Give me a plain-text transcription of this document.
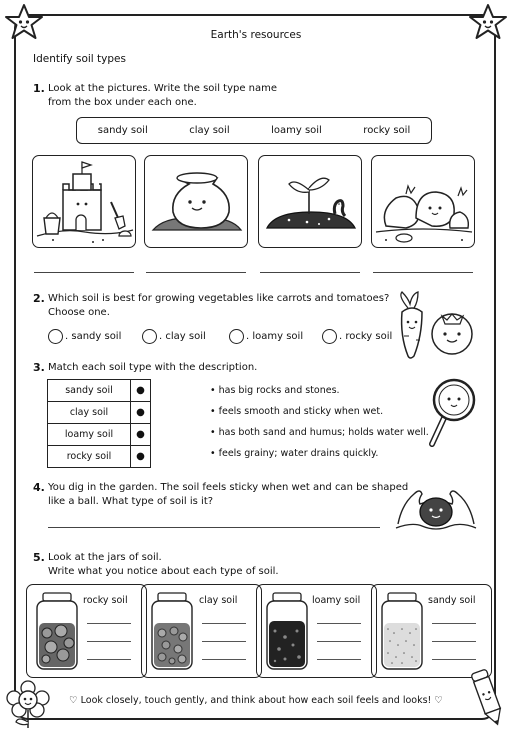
Earth's resources
Identify soil types
1. Look at the pictures. Write the soil type name
from the box under each one.
sandy soil	clay soil	loamy soil	rocky soil
2. Which soil is best for growing vegetables like carrots and tomatoes?
Choose one.
. sandy soil	. clay soil	. loamy soil	. rocky soil
3. Match each soil type with the description.
sandy soil	●
clay soil	●
loamy soil	●
rocky soil	●
• has big rocks and stones.
• feels smooth and sticky when wet.
• has both sand and humus; holds water well.
• feels grainy; water drains quickly.
4. You dig in the garden. The soil feels sticky when wet and can be shaped
like a ball. What type of soil is it?
5. Look at the jars of soil.
Write what you notice about each type of soil.
rocky soil	clay soil	loamy soil	sandy soil
♡ Look closely, touch gently, and think about how each soil feels and looks! ♡
